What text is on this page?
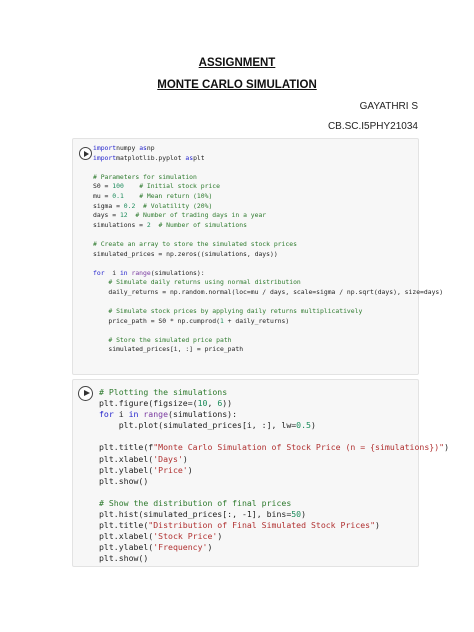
ASSIGNMENT
MONTE CARLO SIMULATION
GAYATHRI S
CB.SC.I5PHY21034
importnumpy asnp
importmatplotlib.pyplot asplt

# Parameters for simulation
S0 = 100 # Initial stock price
mu = 0.1 # Mean return (10%)
sigma = 0.2 # Volatility (20%)
days = 12 # Number of trading days in a year
simulations = 2 # Number of simulations

# Create an array to store the simulated stock prices
simulated_prices = np.zeros((simulations, days))

for  i in range(simulations):
# Simulate daily returns using normal distribution
daily_returns = np.random.normal(loc=mu / days, scale=sigma / np.sqrt(days), size=days)

# Simulate stock prices by applying daily returns multiplicatively
price_path = S0 * np.cumprod(1 + daily_returns)

# Store the simulated price path
simulated_prices[i, :] = price_path
# Plotting the simulations
plt.figure(figsize=(10, 6))
for i in range(simulations):
plt.plot(simulated_prices[i, :], lw=0.5)

plt.title(f"Monte Carlo Simulation of Stock Price (n = {simulations})")
plt.xlabel('Days')
plt.ylabel('Price')
plt.show()

# Show the distribution of final prices
plt.hist(simulated_prices[:, -1], bins=50)
plt.title("Distribution of Final Simulated Stock Prices")
plt.xlabel('Stock Price')
plt.ylabel('Frequency')
plt.show()
